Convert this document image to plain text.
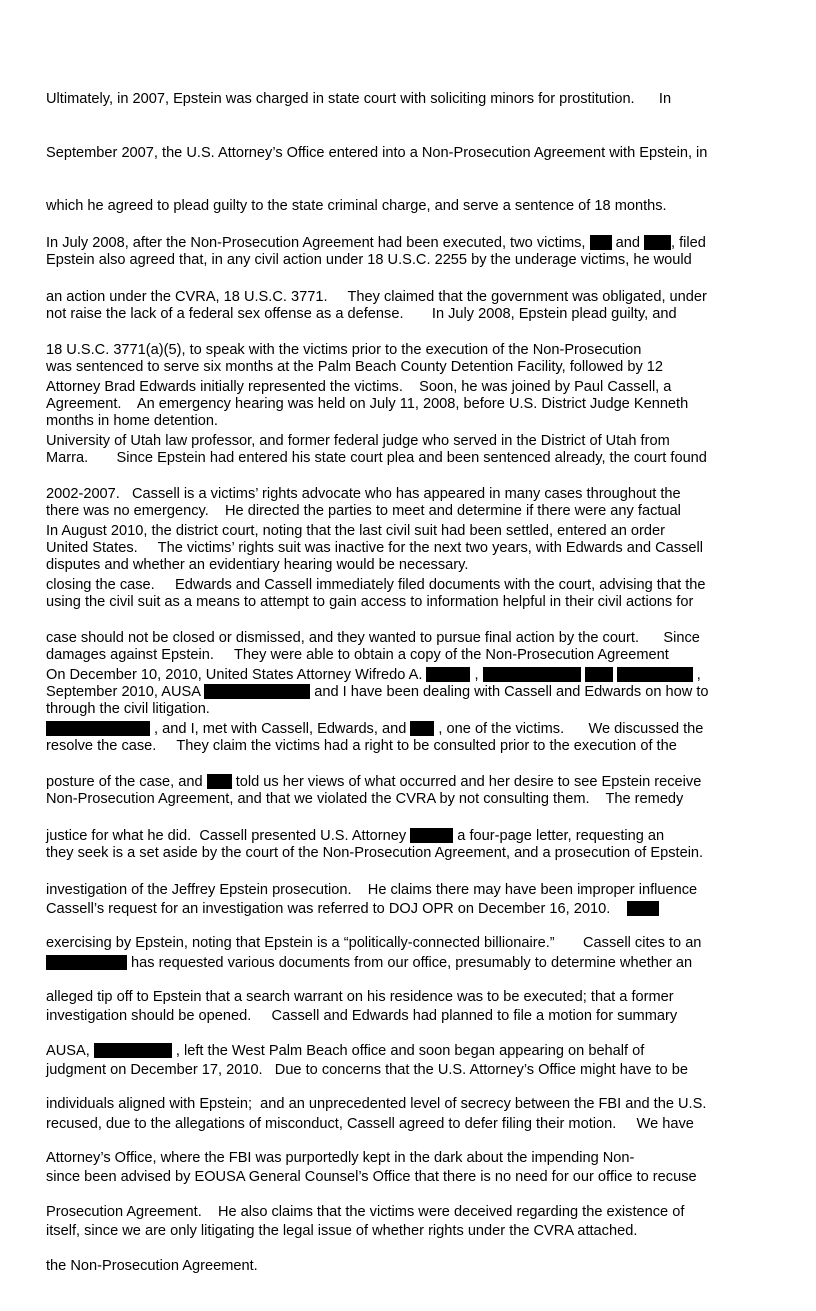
Ultimately, in 2007, Epstein was charged in state court with soliciting minors for prostitution.      In

September 2007, the U.S. Attorney’s Office entered into a Non-Prosecution Agreement with Epstein, in

which he agreed to plead guilty to the state criminal charge, and serve a sentence of 18 months.

Epstein also agreed that, in any civil action under 18 U.S.C. 2255 by the underage victims, he would

not raise the lack of a federal sex offense as a defense.       In July 2008, Epstein plead guilty, and

was sentenced to serve six months at the Palm Beach County Detention Facility, followed by 12

months in home detention.

In July 2008, after the Non-Prosecution Agreement had been executed, two victims,  and , filed

an action under the CVRA, 18 U.S.C. 3771.     They claimed that the government was obligated, under

18 U.S.C. 3771(a)(5), to speak with the victims prior to the execution of the Non-Prosecution

Agreement.    An emergency hearing was held on July 11, 2008, before U.S. District Judge Kenneth

Marra.       Since Epstein had entered his state court plea and been sentenced already, the court found

there was no emergency.    He directed the parties to meet and determine if there were any factual

disputes and whether an evidentiary hearing would be necessary.

Attorney Brad Edwards initially represented the victims.    Soon, he was joined by Paul Cassell, a

University of Utah law professor, and former federal judge who served in the District of Utah from

2002-2007.   Cassell is a victims’ rights advocate who has appeared in many cases throughout the

United States.     The victims’ rights suit was inactive for the next two years, with Edwards and Cassell

using the civil suit as a means to attempt to gain access to information helpful in their civil actions for

damages against Epstein.     They were able to obtain a copy of the Non-Prosecution Agreement

through the civil litigation.

In August 2010, the district court, noting that the last civil suit had been settled, entered an order

closing the case.     Edwards and Cassell immediately filed documents with the court, advising that the

case should not be closed or dismissed, and they wanted to pursue final action by the court.      Since

September 2010, AUSA	and I have been dealing with Cassell and Edwards on how to

resolve the case.     They claim the victims had a right to be consulted prior to the execution of the

Non-Prosecution Agreement, and that we violated the CVRA by not consulting them.    The remedy

they seek is a set aside by the court of the Non-Prosecution Agreement, and a prosecution of Epstein.

On December 10, 2010, United States Attorney Wifredo A.	,	,

, and I, met with Cassell, Edwards, and  , one of the victims.      We discussed the

posture of the case, and  told us her views of what occurred and her desire to see Epstein receive

justice for what he did.  Cassell presented U.S. Attorney	a four-page letter, requesting an

investigation of the Jeffrey Epstein prosecution.    He claims there may have been improper influence

exercising by Epstein, noting that Epstein is a “politically-connected billionaire.”       Cassell cites to an

alleged tip off to Epstein that a search warrant on his residence was to be executed; that a former

AUSA,	, left the West Palm Beach office and soon began appearing on behalf of

individuals aligned with Epstein;  and an unprecedented level of secrecy between the FBI and the U.S.

Attorney’s Office, where the FBI was purportedly kept in the dark about the impending Non-

Prosecution Agreement.    He also claims that the victims were deceived regarding the existence of

the Non-Prosecution Agreement.

Cassell’s request for an investigation was referred to DOJ OPR on December 16, 2010.

has requested various documents from our office, presumably to determine whether an

investigation should be opened.     Cassell and Edwards had planned to file a motion for summary

judgment on December 17, 2010.   Due to concerns that the U.S. Attorney’s Office might have to be

recused, due to the allegations of misconduct, Cassell agreed to defer filing their motion.     We have

since been advised by EOUSA General Counsel’s Office that there is no need for our office to recuse

itself, since we are only litigating the legal issue of whether rights under the CVRA attached.
